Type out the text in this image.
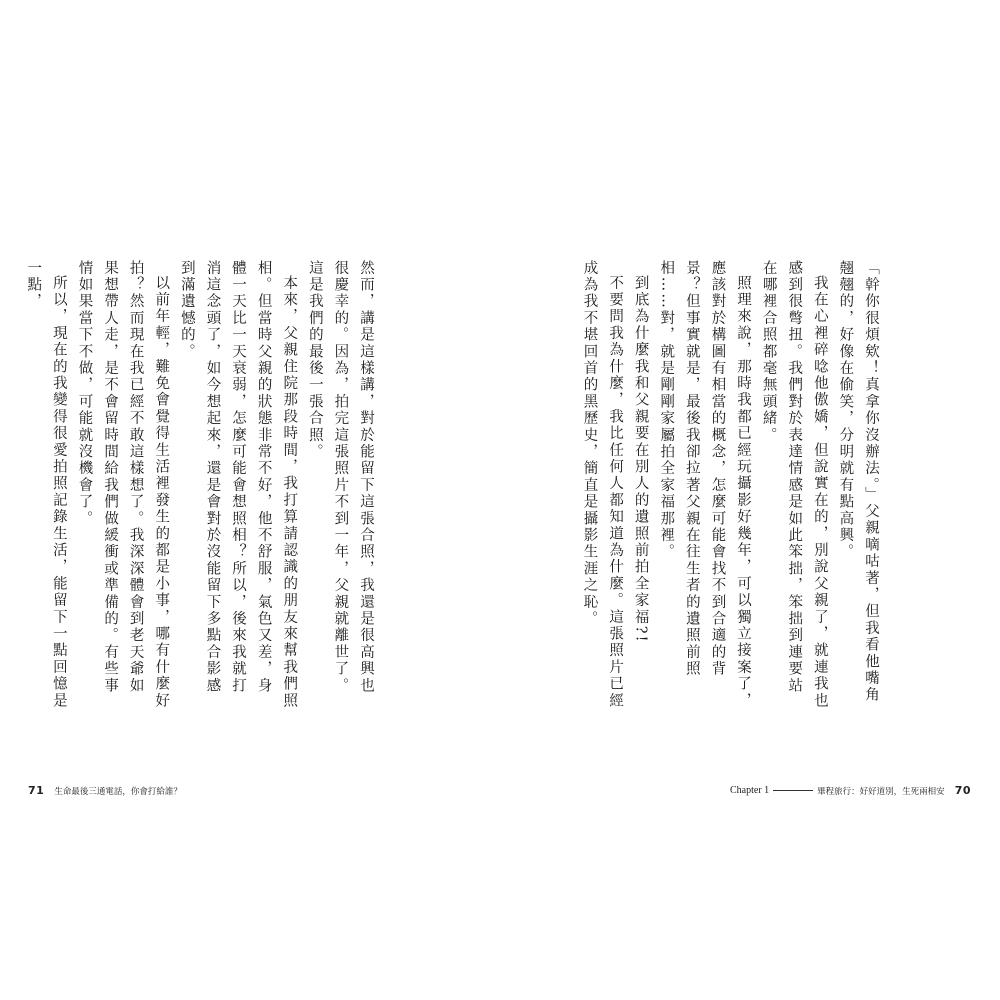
然而，講是這樣講，對於能留下這張合照，我還是很高興也很慶幸的。因為，拍完這張照片不到一年，父親就離世了。這是我們的最後一張合照。

本來，父親住院那段時間，我打算請認識的朋友來幫我們照相。但當時父親的狀態非常不好，他不舒服，氣色又差，身體一天比一天衰弱，怎麼可能會想照相？所以，後來我就打消這念頭了，如今想起來，還是會對於沒能留下多點合影感到滿遺憾的。

以前年輕，難免會覺得生活裡發生的都是小事，哪有什麼好拍？然而現在我已經不敢這樣想了。我深深體會到老天爺如果想帶人走，是不會留時間給我們做緩衝或準備的。有些事情如果當下不做，可能就沒機會了。

所以，現在的我變得很愛拍照記錄生活，能留下一點回憶是一點，

71 生命最後三通電話，你會打給誰？

「幹你很煩欸！真拿你沒辦法。」父親嘀咕著，但我看他嘴角翹翹的，好像在偷笑，分明就有點高興。

我在心裡碎唸他傲嬌，但說實在的，別說父親了，就連我也感到很彆扭。我們對於表達情感是如此笨拙，笨拙到連要站在哪裡合照都毫無頭緒。

照理來說，那時我都已經玩攝影好幾年，可以獨立接案了，應該對於構圖有相當的概念，怎麼可能會找不到合適的背景？但事實就是，最後我卻拉著父親在往生者的遺照前照相……對，就是剛剛家屬拍全家福那裡。

到底為什麼我和父親要在別人的遺照前拍全家福?!

不要問我為什麼，我比任何人都知道為什麼。這張照片已經成為我不堪回首的黑歷史，簡直是攝影生涯之恥。

Chapter 1	畢程旅行：好好道別，生死兩相安 70
